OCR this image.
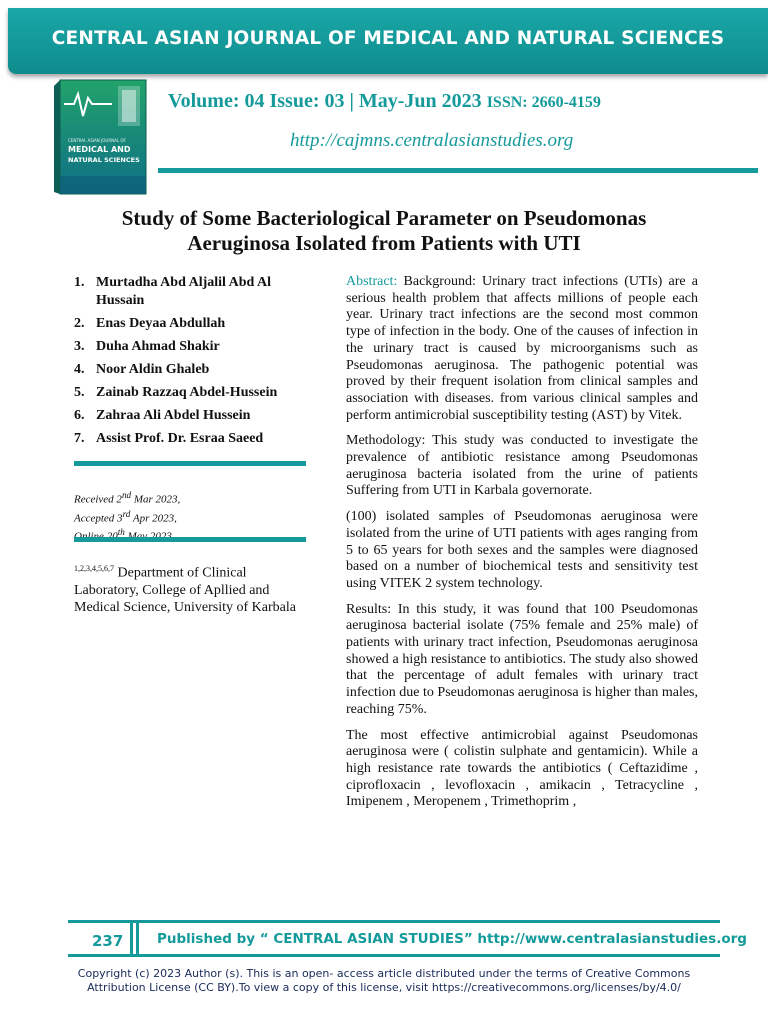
CENTRAL ASIAN JOURNAL OF MEDICAL AND NATURAL SCIENCES
CENTRAL ASIAN JOURNAL OF
MEDICAL AND
NATURAL SCIENCES
Volume: 04 Issue: 03 | May-Jun 2023 ISSN: 2660-4159
http://cajmns.centralasianstudies.org
Study of Some Bacteriological Parameter on Pseudomonas
Aeruginosa Isolated from Patients with UTI
1. Murtadha Abd Aljalil Abd Al Hussain
2. Enas Deyaa Abdullah
3. Duha Ahmad Shakir
4. Noor Aldin Ghaleb
5. Zainab Razzaq Abdel-Hussein
6. Zahraa Ali Abdel Hussein
7. Assist Prof. Dr. Esraa Saeed
Received 2nd Mar 2023,
Accepted 3rd Apr 2023,
$^{th}$
$^{1,2,3,4,5,6,7}$ Department of Clinical Laboratory, College of Apllied and Medical Science, University of Karbala

Abstract: Background: Urinary tract infections (UTIs) are a serious health problem that affects millions of people each year. Urinary tract infections are the second most common type of infection in the body. One of the causes of infection in the urinary tract is caused by microorganisms such as Pseudomonas aeruginosa. The pathogenic potential was proved by their frequent isolation from clinical samples and association with diseases. from various clinical samples and perform antimicrobial susceptibility testing (AST) by Vitek.

Methodology: This study was conducted to investigate the prevalence of antibiotic resistance among Pseudomonas aeruginosa bacteria isolated from the urine of patients Suffering from UTI in Karbala governorate.

(100) isolated samples of Pseudomonas aeruginosa were isolated from the urine of UTI patients with ages ranging from 5 to 65 years for both sexes and the samples were diagnosed based on a number of biochemical tests and sensitivity test using VITEK 2 system technology.

Results: In this study, it was found that 100 Pseudomonas aeruginosa bacterial isolate (75% female and 25% male) of patients with urinary tract infection, Pseudomonas aeruginosa showed a high resistance to antibiotics. The study also showed that the percentage of adult females with urinary tract infection due to Pseudomonas aeruginosa is higher than males, reaching 75%.

The most effective antimicrobial against Pseudomonas aeruginosa were ( colistin sulphate and gentamicin). While a high resistance rate towards the antibiotics ( Ceftazidime , ciprofloxacin , levofloxacin , amikacin , Tetracycline , Imipenem , Meropenem , Trimethoprim ,

237 Published by “ CENTRAL ASIAN STUDIES” http://www.centralasianstudies.org
Copyright (c) 2023 Author (s). This is an open- access article distributed under the terms of Creative Commons
Attribution License (CC BY).To view a copy of this license, visit https://creativecommons.org/licenses/by/4.0/
